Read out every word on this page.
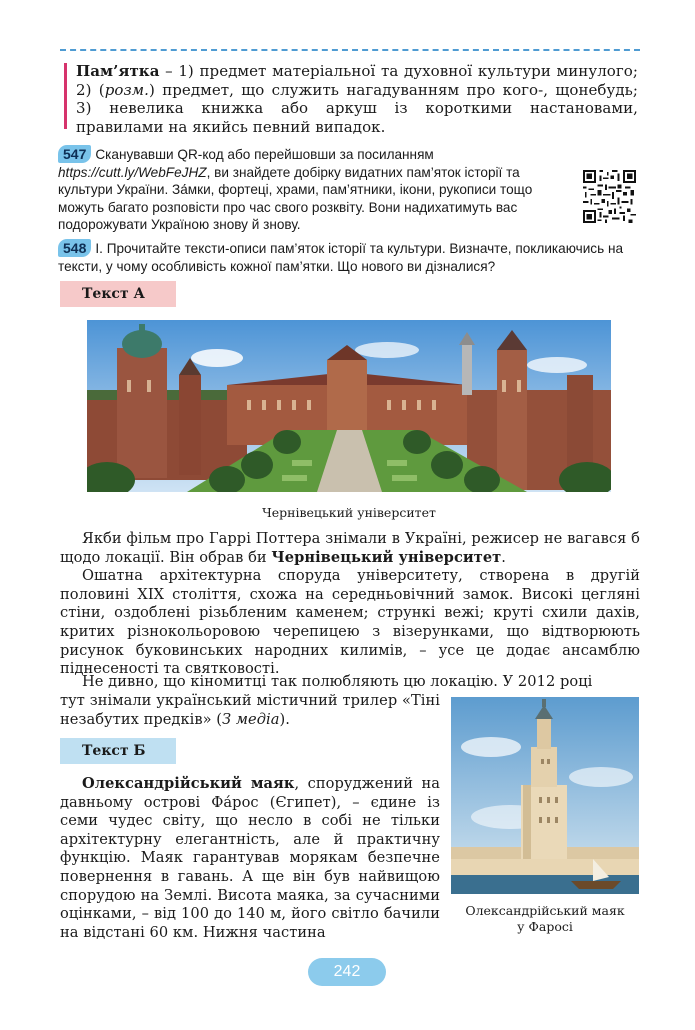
Пам’ятка – 1) предмет матеріальної та духовної культури минулого; 2) (розм.) предмет, що служить нагадуванням про кого-, щонебудь; 3) невелика книжка або аркуш із короткими настановами, правилами на якийсь певний випадок.
547 Сканувавши QR-код або перейшовши за посиланням https://cutt.ly/WebFeJHZ, ви знайдете добірку видатних пам’яток історії та культури України. За́мки, фортеці, храми, пам’ятники, ікони, рукописи тощо можуть багато розповісти про час свого розквіту. Вони надихатимуть вас подорожувати Україною знову й знову.
548 I. Прочитайте тексти-описи пам’яток історії та культури. Визначте, покликаючись на тексти, у чому особливість кожної пам’ятки. Що нового ви дізналися?
Текст А
Чернівецький університет

Якби фільм про Гаррі Поттера знімали в Україні, режисер не вагався б щодо локації. Він обрав би Чернівецький університет.

Ошатна архітектурна споруда університету, створена в другій половині XIX століття, схожа на середньовічний замок. Високі цегляні стіни, оздоблені різьбленим каменем; стрункі вежі; круті схили дахів, критих різнокольоровою черепицею з візерунками, що відтворюють рисунок буковинських народних килимів, – усе це додає ансамблю піднесеності та святковості.

Не дивно, що кіномитці так полюбляють цю локацію. У 2012 році

тут знімали український містичний трилер «Тіні незабутих предків» (З медіа).

Текст Б

Олександрійський маяк, споруджений на давньому острові Фа́рос (Єгипет), – єдине із семи чудес світу, що несло в собі не тільки архітектурну елегантність, але й практичну функцію. Маяк гарантував морякам безпечне повернення в гавань. А ще він був найвищою спорудою на Землі. Висота маяка, за сучасними оцінками, – від 100 до 140 м, його світло бачили на відстані 60 км. Нижня частина

Олександрійський маяк
у Фаросі
242
